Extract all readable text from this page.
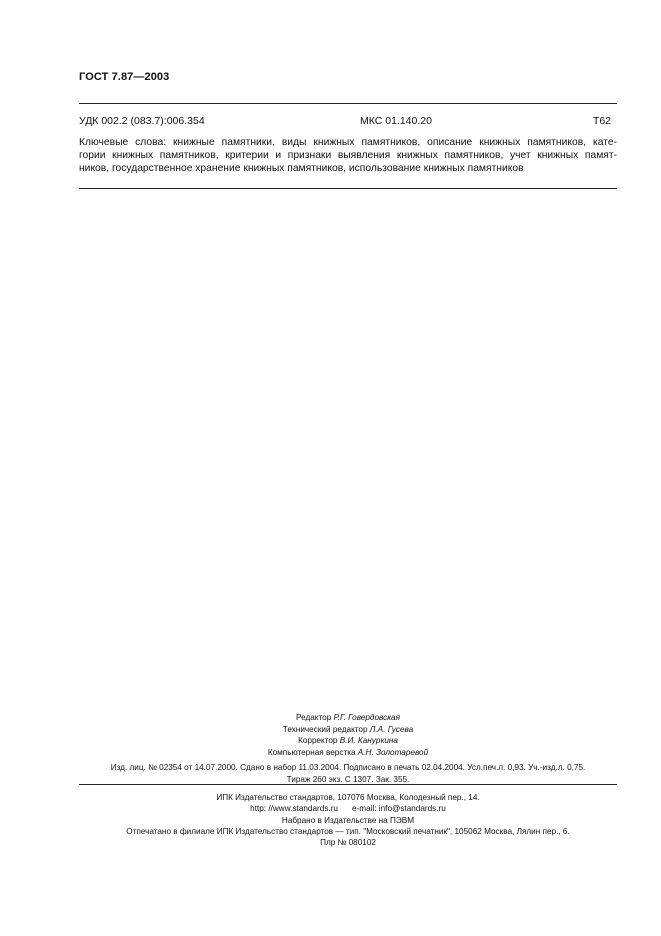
ГОСТ 7.87—2003
УДК 002.2 (083.7):006.354	МКС 01.140.20	Т62
Ключевые слова: книжные памятники, виды книжных памятников, описание книжных памятников, кате-
гории книжных памятников, критерии и признаки выявления книжных памятников, учет книжных памят-
ников, государственное хранение книжных памятников, использование книжных памятников
Редактор Р.Г. Говердовская
Технический редактор Л.А. Гусева
Корректор В.И. Кануркина
Компьютерная верстка А.Н. Золотаревой
Изд. лиц. № 02354 от 14.07.2000. Сдано в набор 11.03.2004. Подписано в печать 02.04.2004. Усл.печ.л. 0,93. Уч.-изд.л. 0,75.
Тираж 260 экз. С 1307. Зак. 355.
ИПК Издательство стандартов, 107076 Москва, Колодезный пер., 14.
http: //www.standards.ru e-mail: info@standards.ru
Набрано в Издательстве на ПЭВМ
Отпечатано в филиале ИПК Издательство стандартов — тип. "Московский печатник", 105062 Москва, Лялин пер., 6.
Плр № 080102
